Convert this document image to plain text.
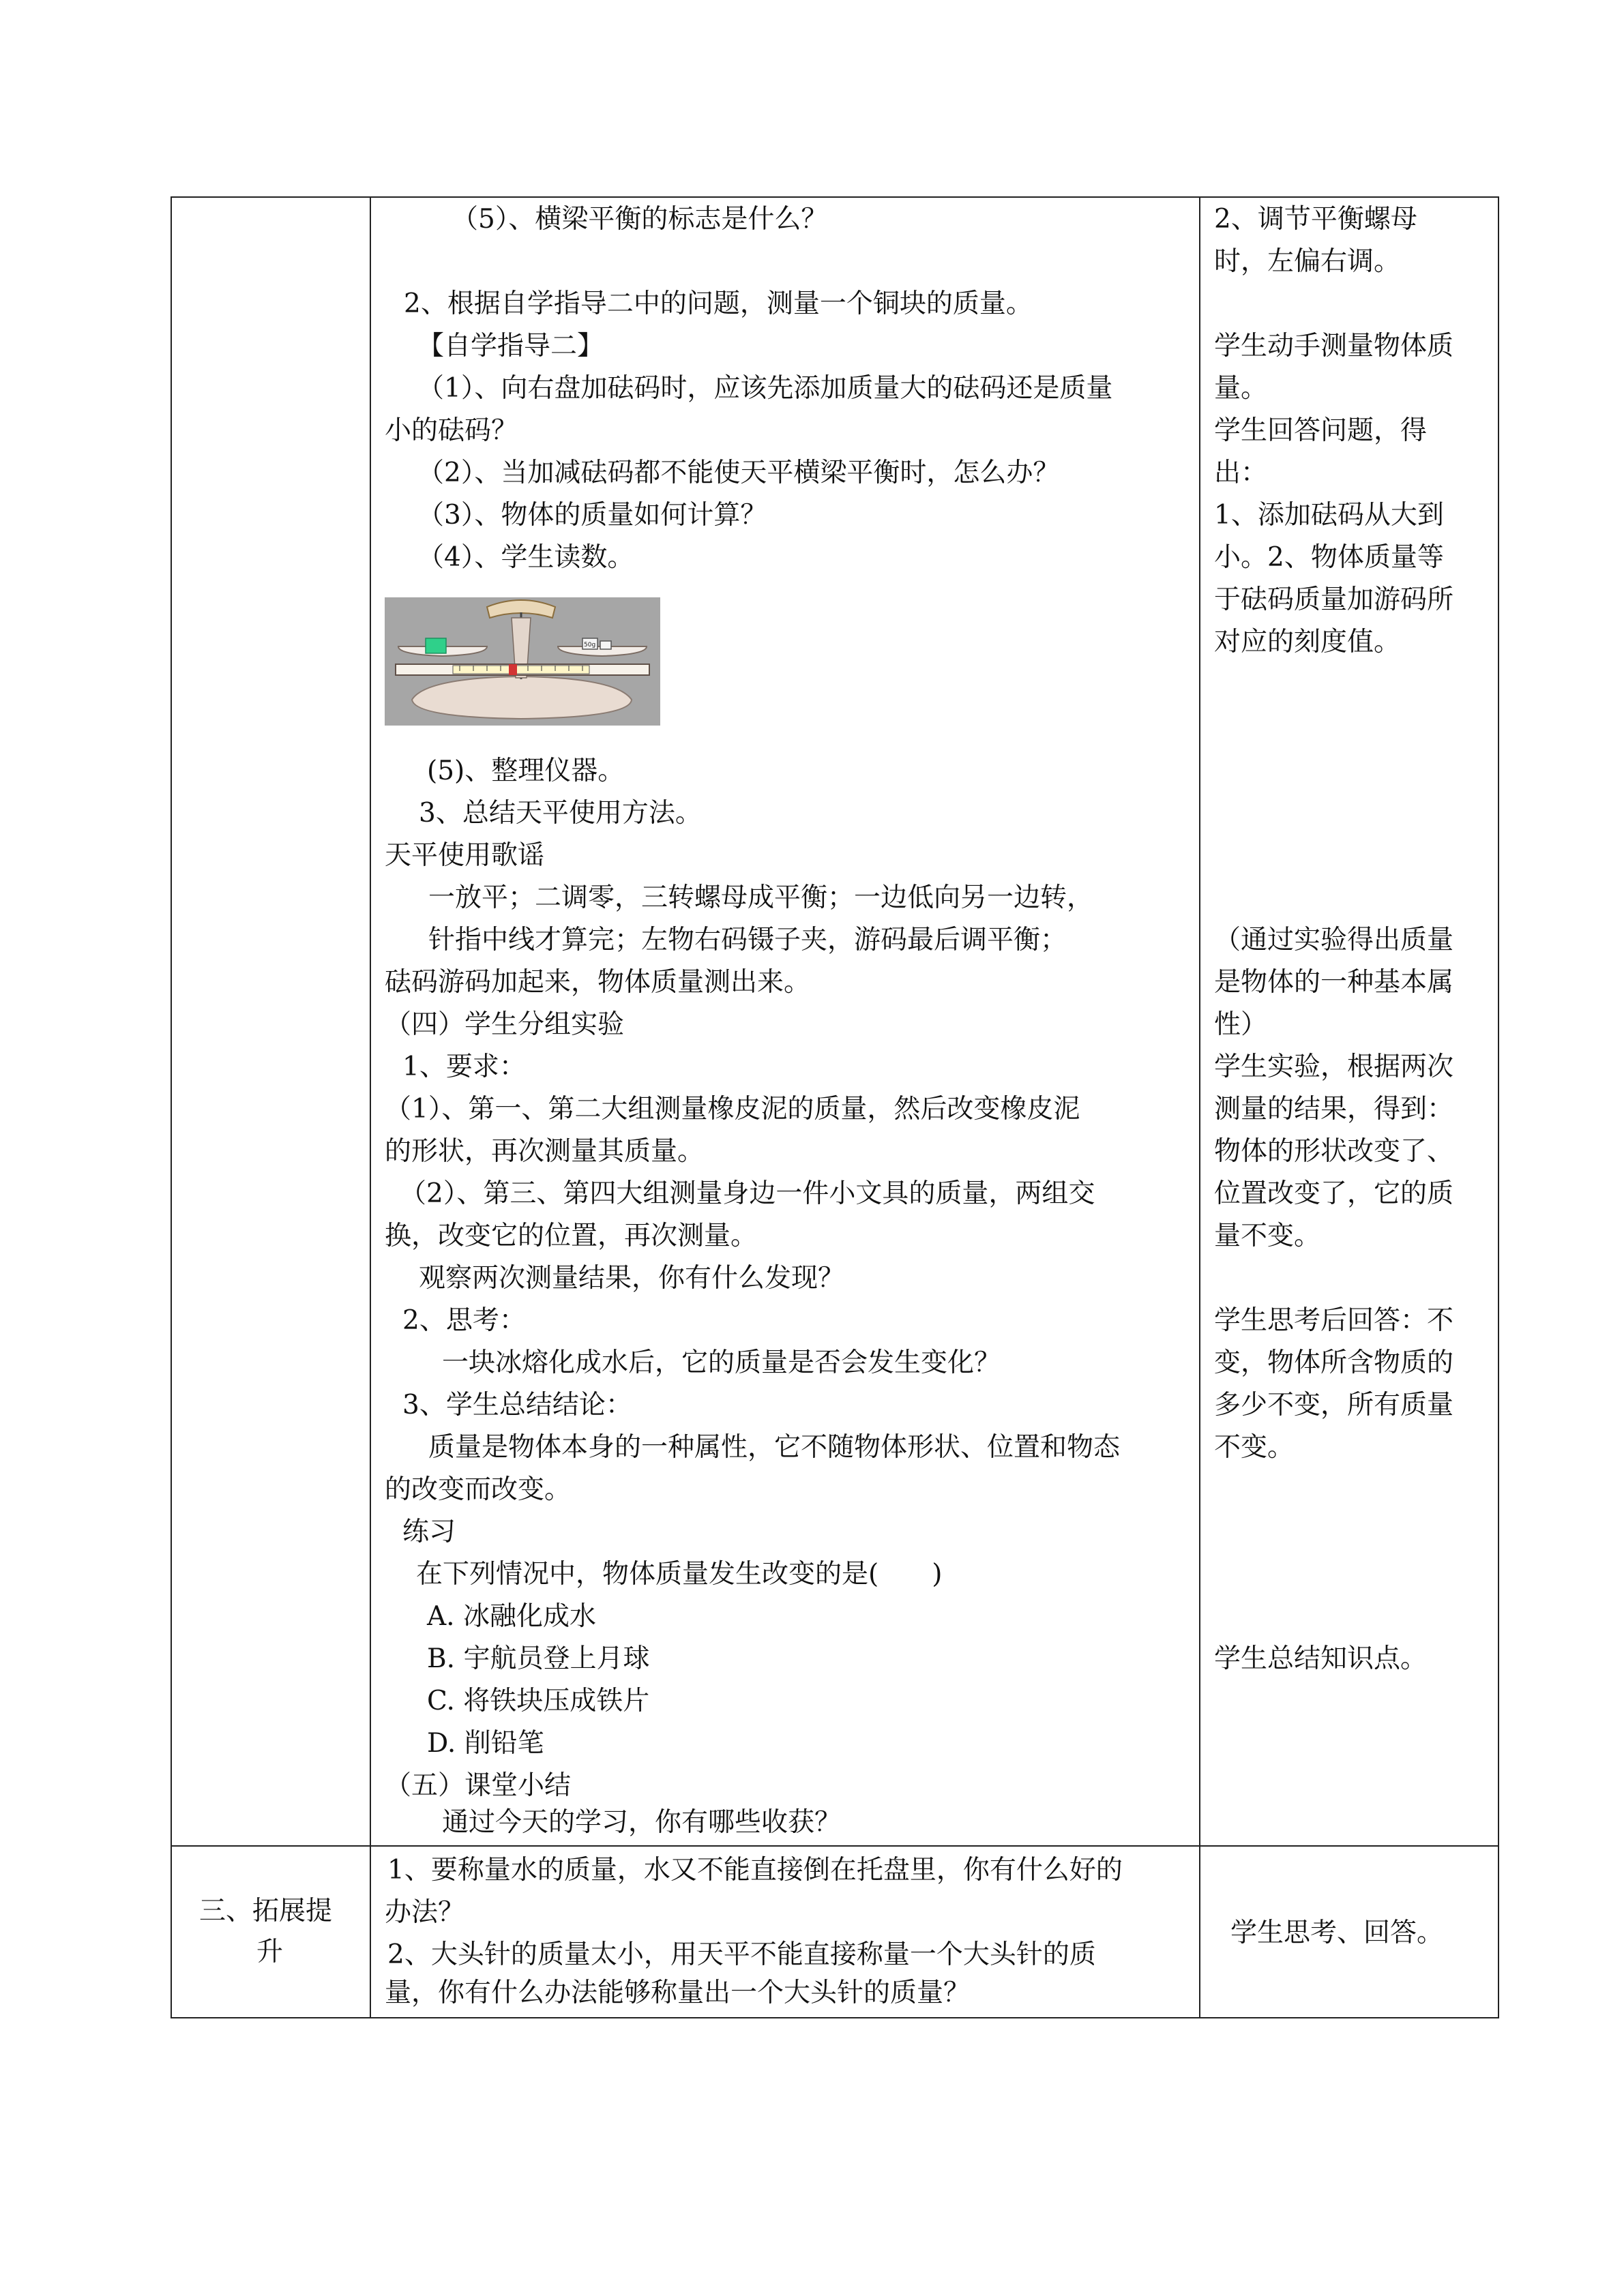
（5）、横梁平衡的标志是什么？
2、根据自学指导二中的问题，测量一个铜块的质量。
【自学指导二】
（1）、向右盘加砝码时，应该先添加质量大的砝码还是质量
小的砝码？
（2）、当加减砝码都不能使天平横梁平衡时，怎么办？
（3）、物体的质量如何计算？
（4）、学生读数。
(5)、整理仪器。
3、总结天平使用方法。
天平使用歌谣
一放平；二调零，三转螺母成平衡；一边低向另一边转，
针指中线才算完；左物右码镊子夹，游码最后调平衡；
砝码游码加起来，物体质量测出来。
（四）学生分组实验
1、要求：
（1）、第一、第二大组测量橡皮泥的质量，然后改变橡皮泥
的形状，再次测量其质量。
（2）、第三、第四大组测量身边一件小文具的质量，两组交
换，改变它的位置，再次测量。
观察两次测量结果，你有什么发现？
2、思考：
一块冰熔化成水后，它的质量是否会发生变化？
3、学生总结结论：
质量是物体本身的一种属性，它不随物体形状、位置和物态
的改变而改变。
练习
在下列情况中，物体质量发生改变的是(　　)
A. 冰融化成水
B. 宇航员登上月球
C. 将铁块压成铁片
D. 削铅笔
（五）课堂小结
通过今天的学习，你有哪些收获？
50g
2、调节平衡螺母
时，左偏右调。
学生动手测量物体质
量。
学生回答问题，得
出：
1、添加砝码从大到
小。2、物体质量等
于砝码质量加游码所
对应的刻度值。
（通过实验得出质量
是物体的一种基本属
性）
学生实验，根据两次
测量的结果，得到：
物体的形状改变了、
位置改变了，它的质
量不变。
学生思考后回答：不
变，物体所含物质的
多少不变，所有质量
不变。
学生总结知识点。
三、拓展提
升
1、要称量水的质量，水又不能直接倒在托盘里，你有什么好的
办法？
2、大头针的质量太小，用天平不能直接称量一个大头针的质
量，你有什么办法能够称量出一个大头针的质量？
学生思考、回答。
